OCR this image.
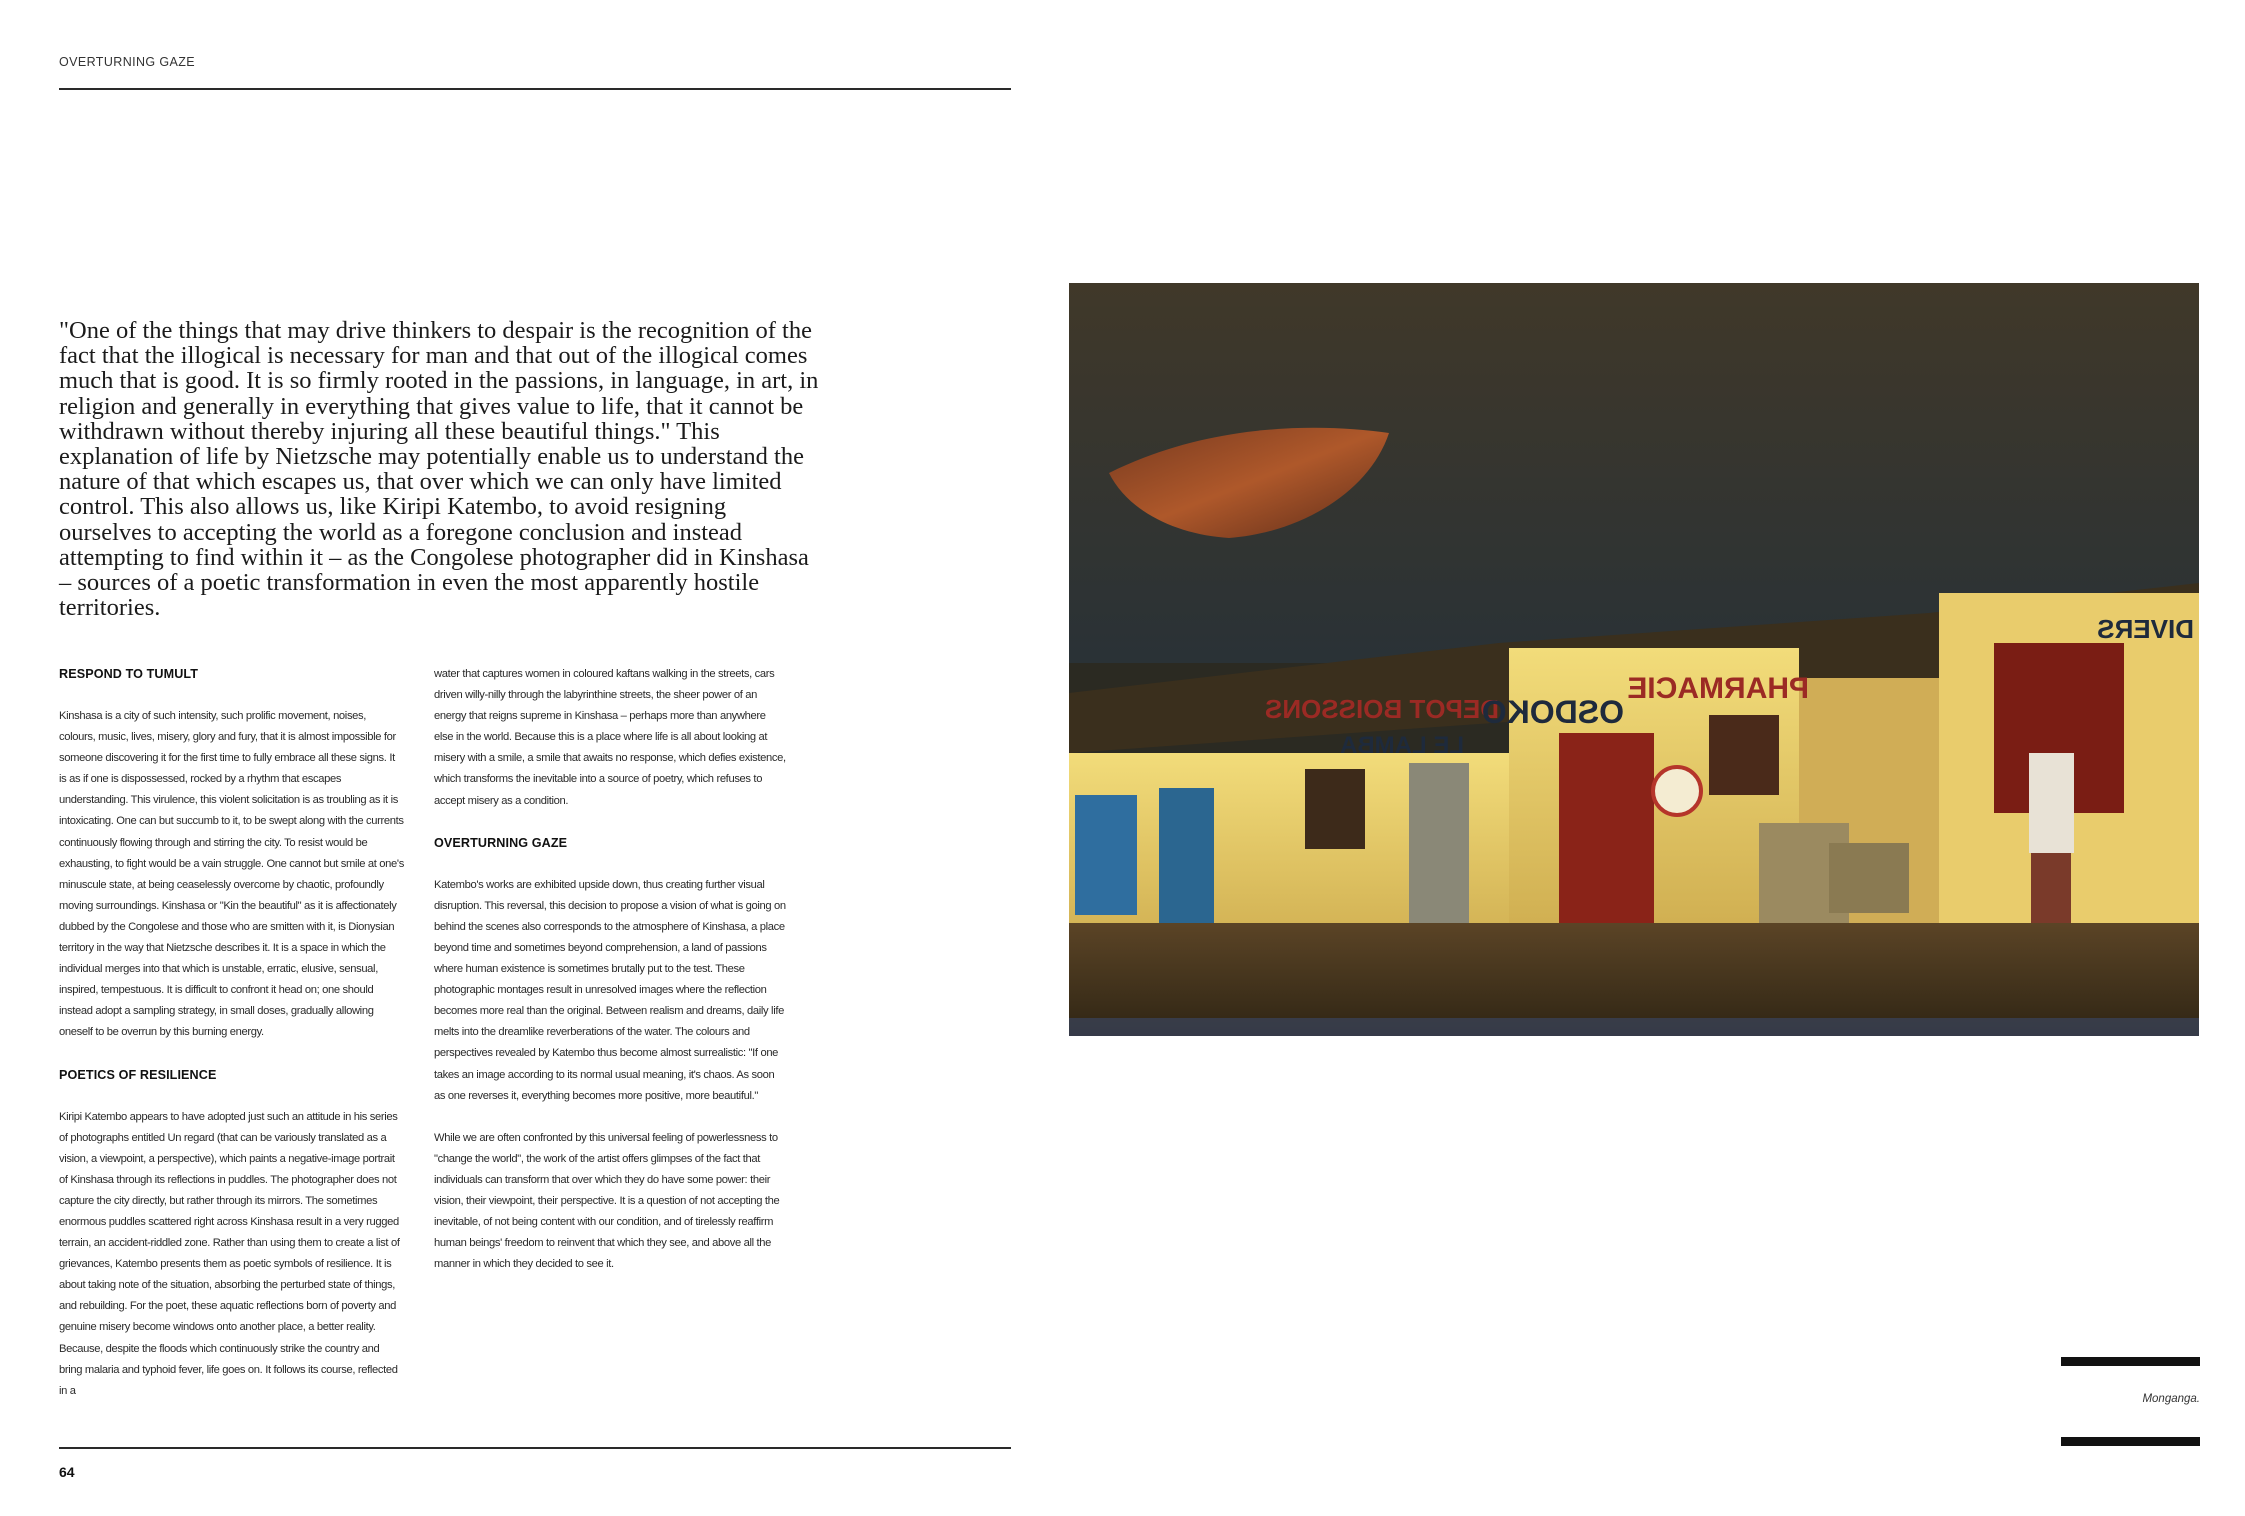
OVERTURNING GAZE

"One of the things that may drive thinkers to despair is the recognition of the fact that the illogical is necessary for man and that out of the illogical comes much that is good. It is so firmly rooted in the passions, in language, in art, in religion and generally in everything that gives value to life, that it cannot be withdrawn without thereby injuring all these beautiful things." This explanation of life by Nietzsche may potentially enable us to understand the nature of that which escapes us, that over which we can only have limited control. This also allows us, like Kiripi Katembo, to avoid resigning ourselves to accepting the world as a foregone conclusion and instead attempting to find within it – as the Congolese photographer did in Kinshasa – sources of a poetic transformation in even the most apparently hostile territories.

RESPOND TO TUMULT

Kinshasa is a city of such intensity, such prolific movement, noises, colours, music, lives, misery, glory and fury, that it is almost impossible for someone discovering it for the first time to fully embrace all these signs. It is as if one is dispossessed, rocked by a rhythm that escapes understanding. This virulence, this violent solicitation is as troubling as it is intoxicating. One can but succumb to it, to be swept along with the currents continuously flowing through and stirring the city. To resist would be exhausting, to fight would be a vain struggle. One cannot but smile at one's minuscule state, at being ceaselessly overcome by chaotic, profoundly moving surroundings. Kinshasa or "Kin the beautiful" as it is affectionately dubbed by the Congolese and those who are smitten with it, is Dionysian territory in the way that Nietzsche describes it. It is a space in which the individual merges into that which is unstable, erratic, elusive, sensual, inspired, tempestuous. It is difficult to confront it head on; one should instead adopt a sampling strategy, in small doses, gradually allowing oneself to be overrun by this burning energy.

POETICS OF RESILIENCE

Kiripi Katembo appears to have adopted just such an attitude in his series of photographs entitled Un regard (that can be variously translated as a vision, a viewpoint, a perspective), which paints a negative-image portrait of Kinshasa through its reflections in puddles. The photographer does not capture the city directly, but rather through its mirrors. The sometimes enormous puddles scattered right across Kinshasa result in a very rugged terrain, an accident-riddled zone. Rather than using them to create a list of grievances, Katembo presents them as poetic symbols of resilience. It is about taking note of the situation, absorbing the perturbed state of things, and rebuilding. For the poet, these aquatic reflections born of poverty and genuine misery become windows onto another place, a better reality. Because, despite the floods which continuously strike the country and bring malaria and typhoid fever, life goes on. It follows its course, reflected in a

water that captures women in coloured kaftans walking in the streets, cars driven willy-nilly through the labyrinthine streets, the sheer power of an energy that reigns supreme in Kinshasa – perhaps more than anywhere else in the world. Because this is a place where life is all about looking at misery with a smile, a smile that awaits no response, which defies existence, which transforms the inevitable into a source of poetry, which refuses to accept misery as a condition.

OVERTURNING GAZE

Katembo's works are exhibited upside down, thus creating further visual disruption. This reversal, this decision to propose a vision of what is going on behind the scenes also corresponds to the atmosphere of Kinshasa, a place beyond time and sometimes beyond comprehension, a land of passions where human existence is sometimes brutally put to the test. These photographic montages result in unresolved images where the reflection becomes more real than the original. Between realism and dreams, daily life melts into the dreamlike reverberations of the water. The colours and perspectives revealed by Katembo thus become almost surrealistic: "If one takes an image according to its normal usual meaning, it's chaos. As soon as one reverses it, everything becomes more positive, more beautiful."

While we are often confronted by this universal feeling of powerlessness to "change the world", the work of the artist offers glimpses of the fact that individuals can transform that over which they do have some power: their vision, their viewpoint, their perspective. It is a question of not accepting the inevitable, of not being content with our condition, and of tirelessly reaffirm human beings' freedom to reinvent that which they see, and above all the manner in which they decided to see it.

DEPOT BOISSONS
PHARMACIE
LE LAMBA
OSDOKO
DIVERS
Monganga.
64
